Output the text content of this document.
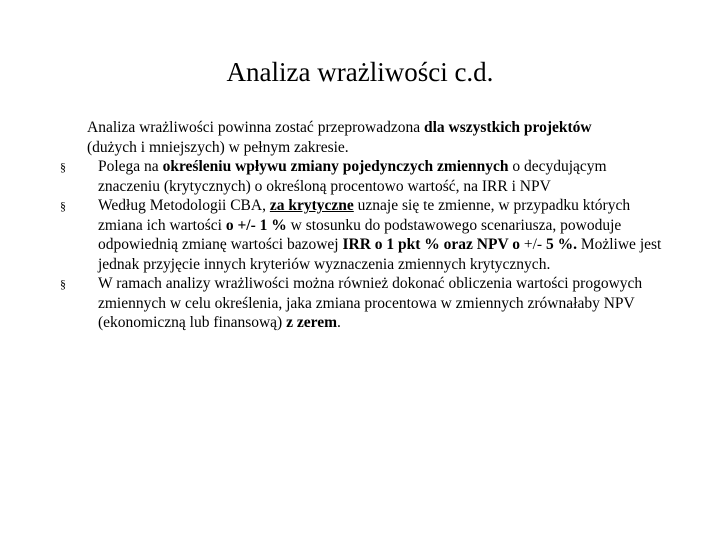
Analiza wrażliwości c.d.
Analiza wrażliwości powinna zostać przeprowadzona dla wszystkich projektów (dużych i mniejszych) w pełnym zakresie.
§ Polega na określeniu wpływu zmiany pojedynczych zmiennych o decydującym znaczeniu (krytycznych) o określoną procentowo wartość, na IRR i NPV
§ Według Metodologii CBA, za krytyczne uznaje się te zmienne, w przypadku których zmiana ich wartości o +/- 1 % w stosunku do podstawowego scenariusza, powoduje odpowiednią zmianę wartości bazowej IRR o 1 pkt % oraz NPV o +/- 5 %. Możliwe jest jednak przyjęcie innych kryteriów wyznaczenia zmiennych krytycznych.
§ W ramach analizy wrażliwości można również dokonać obliczenia wartości progowych zmiennych w celu określenia, jaka zmiana procentowa w zmiennych zrównałaby NPV (ekonomiczną lub finansową) z zerem.
